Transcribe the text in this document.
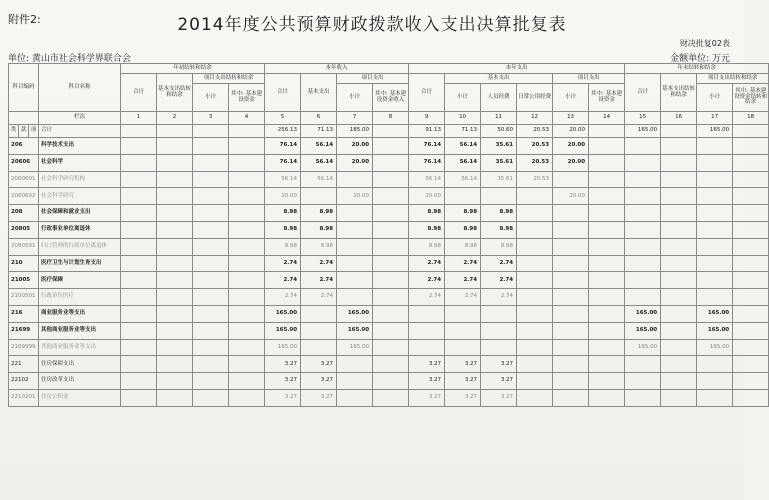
附件2:	2014年度公共预算财政拨款收入支出决算批复表
财决批复02表
单位: 黄山市社会科学界联合会	金额单位: 万元
科目编码			科目名称	年初结转和结余				本年收入				本年支出						年末结转和结余			
				合计	基本支出结转和结余	项目支出结转和结余		合计	基本支出	项目支出		合计	基本支出			项目支出		合计	基本支出结转和结余	项目支出结转和结余	
						小计	其中: 基本建设资金			小计	其中: 基本建设资金收入		小计	人员经费	日常公用经费	小计	其中: 基本建设资金			小计	其中: 基本建设资金结转和结余

			栏次	1	2	3	4	5	6	7	8	9	10	11	12	13	14	15	16	17	18
类	款	项	合计					256.13	71.13	185.00		91.13	71.13	50.60	20.53	20.00		165.00		165.00	
206			科学技术支出					76.14	56.14	20.00		76.14	56.14	35.61	20.53	20.00					
20606			社会科学					76.14	56.14	20.00		76.14	56.14	35.61	20.53	20.00					
2060601			社会科学研究机构					56.14	56.14			56.14	56.14	35.61	20.53						
2060602			社会科学研究					20.00		20.00		20.00				20.00					
208			社会保障和就业支出					8.98	8.98			8.98	8.98	8.98							
20805			行政事业单位离退休					8.98	8.98			8.98	8.98	8.98							
2080501			归口管理的行政单位离退休					8.98	8.98			8.98	8.98	8.98							
210			医疗卫生与计划生育支出					2.74	2.74			2.74	2.74	2.74							
21005			医疗保障					2.74	2.74			2.74	2.74	2.74							
2100501			行政单位医疗					2.74	2.74			2.74	2.74	2.74							
216			商业服务业等支出					165.00		165.00								165.00		165.00	
21699			其他商业服务业等支出					165.00		165.00								165.00		165.00	
2169999			其他商业服务业等支出					165.00		165.00								165.00		165.00	
221			住房保障支出					3.27	3.27			3.27	3.27	3.27							
22102			住房改革支出					3.27	3.27			3.27	3.27	3.27							
2210201			住房公积金					3.27	3.27			3.27	3.27	3.27							
